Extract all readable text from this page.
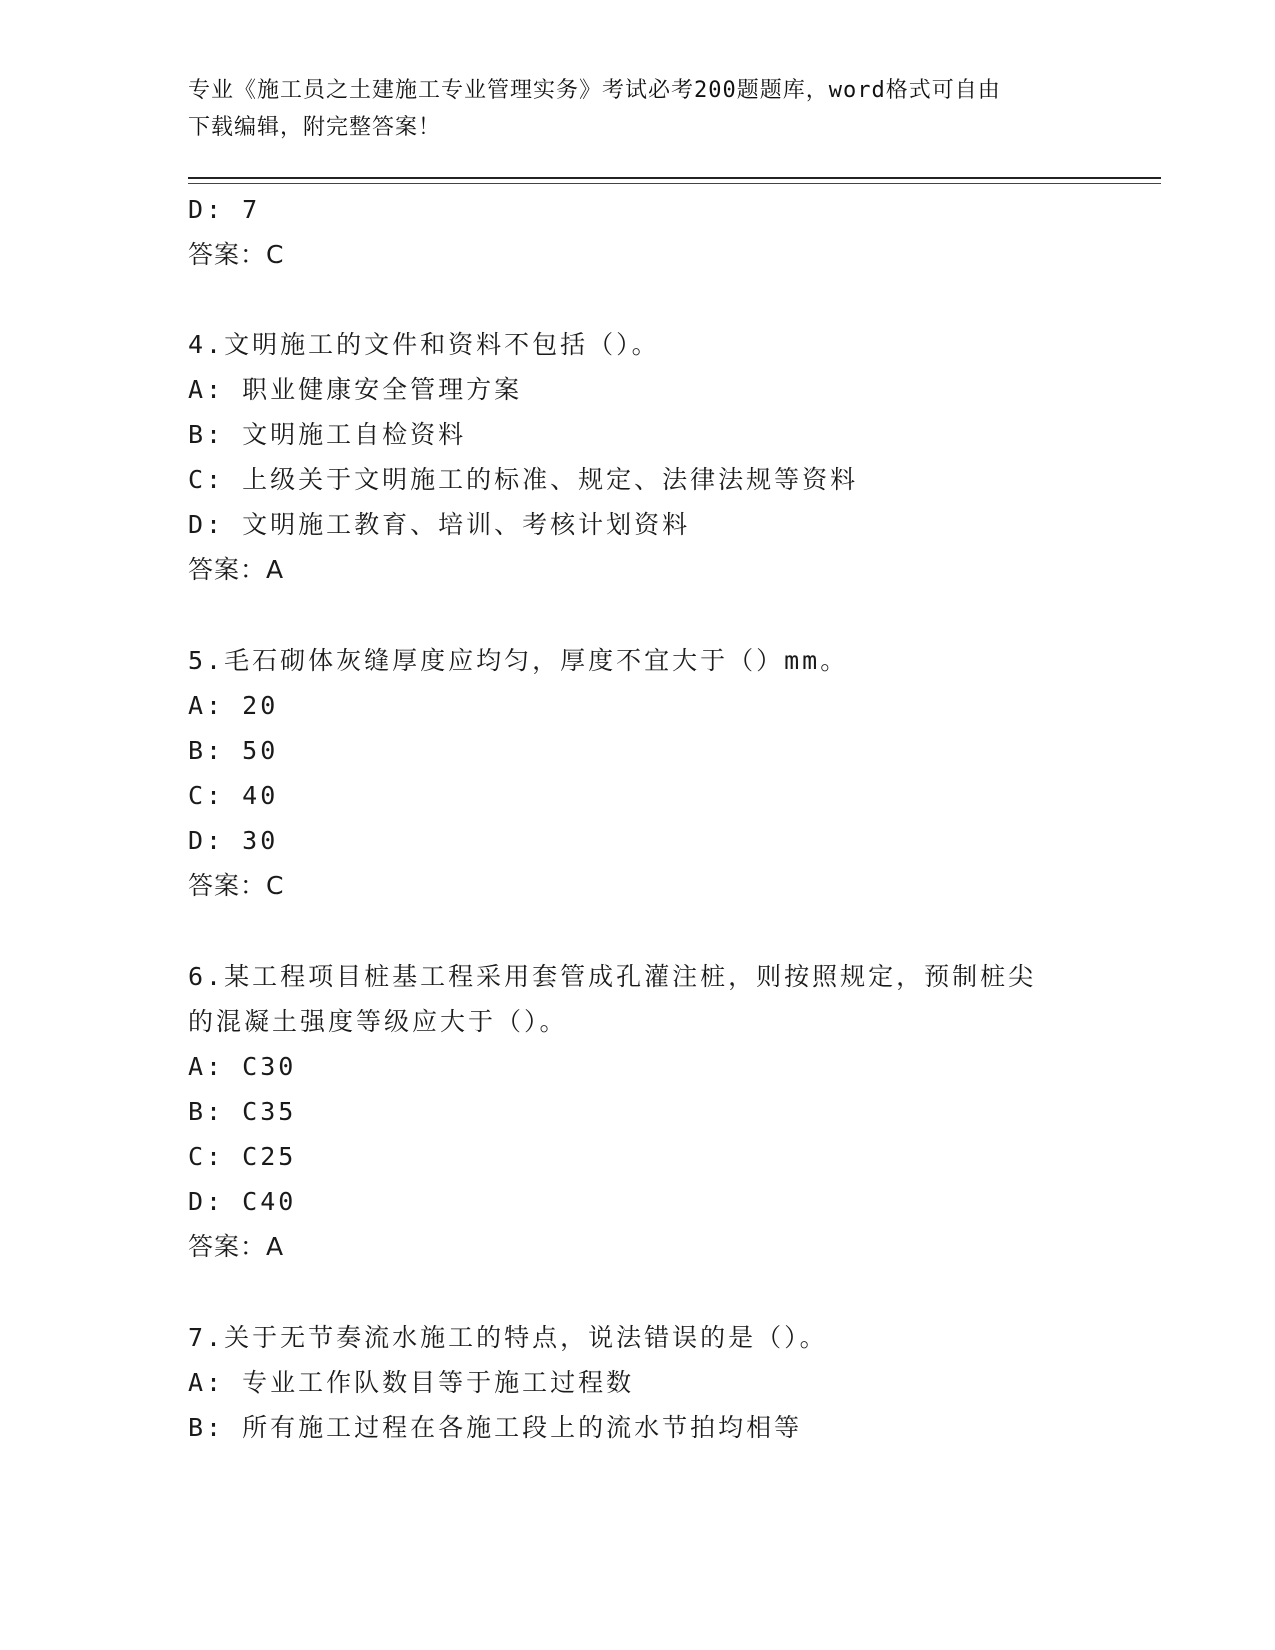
专业《施工员之土建施工专业管理实务》考试必考200题题库，word格式可自由
下载编辑，附完整答案！
D: 7
答案：C
4.文明施工的文件和资料不包括（）。
A: 职业健康安全管理方案
B: 文明施工自检资料
C: 上级关于文明施工的标准、规定、法律法规等资料
D: 文明施工教育、培训、考核计划资料
答案：A
5.毛石砌体灰缝厚度应均匀，厚度不宜大于（）mm。
A: 20
B: 50
C: 40
D: 30
答案：C
6.某工程项目桩基工程采用套管成孔灌注桩，则按照规定，预制桩尖
的混凝土强度等级应大于（）。
A: C30
B: C35
C: C25
D: C40
答案：A
7.关于无节奏流水施工的特点，说法错误的是（）。
A: 专业工作队数目等于施工过程数
B: 所有施工过程在各施工段上的流水节拍均相等
